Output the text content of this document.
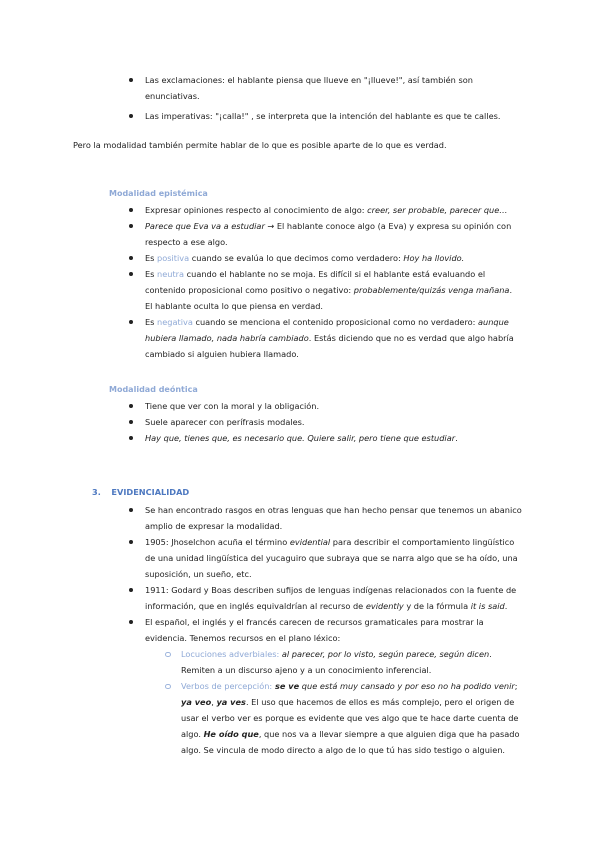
Las exclamaciones: el hablante piensa que llueve en "¡llueve!", así también son enunciativas.
Las imperativas: "¡calla!" , se interpreta que la intención del hablante es que te calles.

Pero la modalidad también permite hablar de lo que es posible aparte de lo que es verdad.

Modalidad epistémica
Expresar opiniones respecto al conocimiento de algo: creer, ser probable, parecer que…
Parece que Eva va a estudiar → El hablante conoce algo (a Eva) y expresa su opinión con respecto a ese algo.
Es positiva cuando se evalúa lo que decimos como verdadero: Hoy ha llovido.
Es neutra cuando el hablante no se moja. Es difícil si el hablante está evaluando el contenido proposicional como positivo o negativo: probablemente/quizás venga mañana. El hablante oculta lo que piensa en verdad.
Es negativa cuando se menciona el contenido proposicional como no verdadero: aunque hubiera llamado, nada habría cambiado. Estás diciendo que no es verdad que algo habría cambiado si alguien hubiera llamado.
Modalidad deóntica
Tiene que ver con la moral y la obligación.
Suele aparecer con perífrasis modales.
Hay que, tienes que, es necesario que. Quiere salir, pero tiene que estudiar.
3. EVIDENCIALIDAD
Se han encontrado rasgos en otras lenguas que han hecho pensar que tenemos un abanico amplio de expresar la modalidad.
1905: Jhoselchon acuña el término evidential para describir el comportamiento lingüístico de una unidad lingüística del yucaguiro que subraya que se narra algo que se ha oído, una suposición, un sueño, etc.
1911: Godard y Boas describen sufijos de lenguas indígenas relacionados con la fuente de información, que en inglés equivaldrían al recurso de evidently y de la fórmula it is said.
El español, el inglés y el francés carecen de recursos gramaticales para mostrar la evidencia. Tenemos recursos en el plano léxico:
Locuciones adverbiales: al parecer, por lo visto, según parece, según dicen. Remiten a un discurso ajeno y a un conocimiento inferencial.
Verbos de percepción: se ve que está muy cansado y por eso no ha podido venir; ya veo, ya ves. El uso que hacemos de ellos es más complejo, pero el origen de usar el verbo ver es porque es evidente que ves algo que te hace darte cuenta de algo. He oído que, que nos va a llevar siempre a que alguien diga que ha pasado algo. Se vincula de modo directo a algo de lo que tú has sido testigo o alguien.
